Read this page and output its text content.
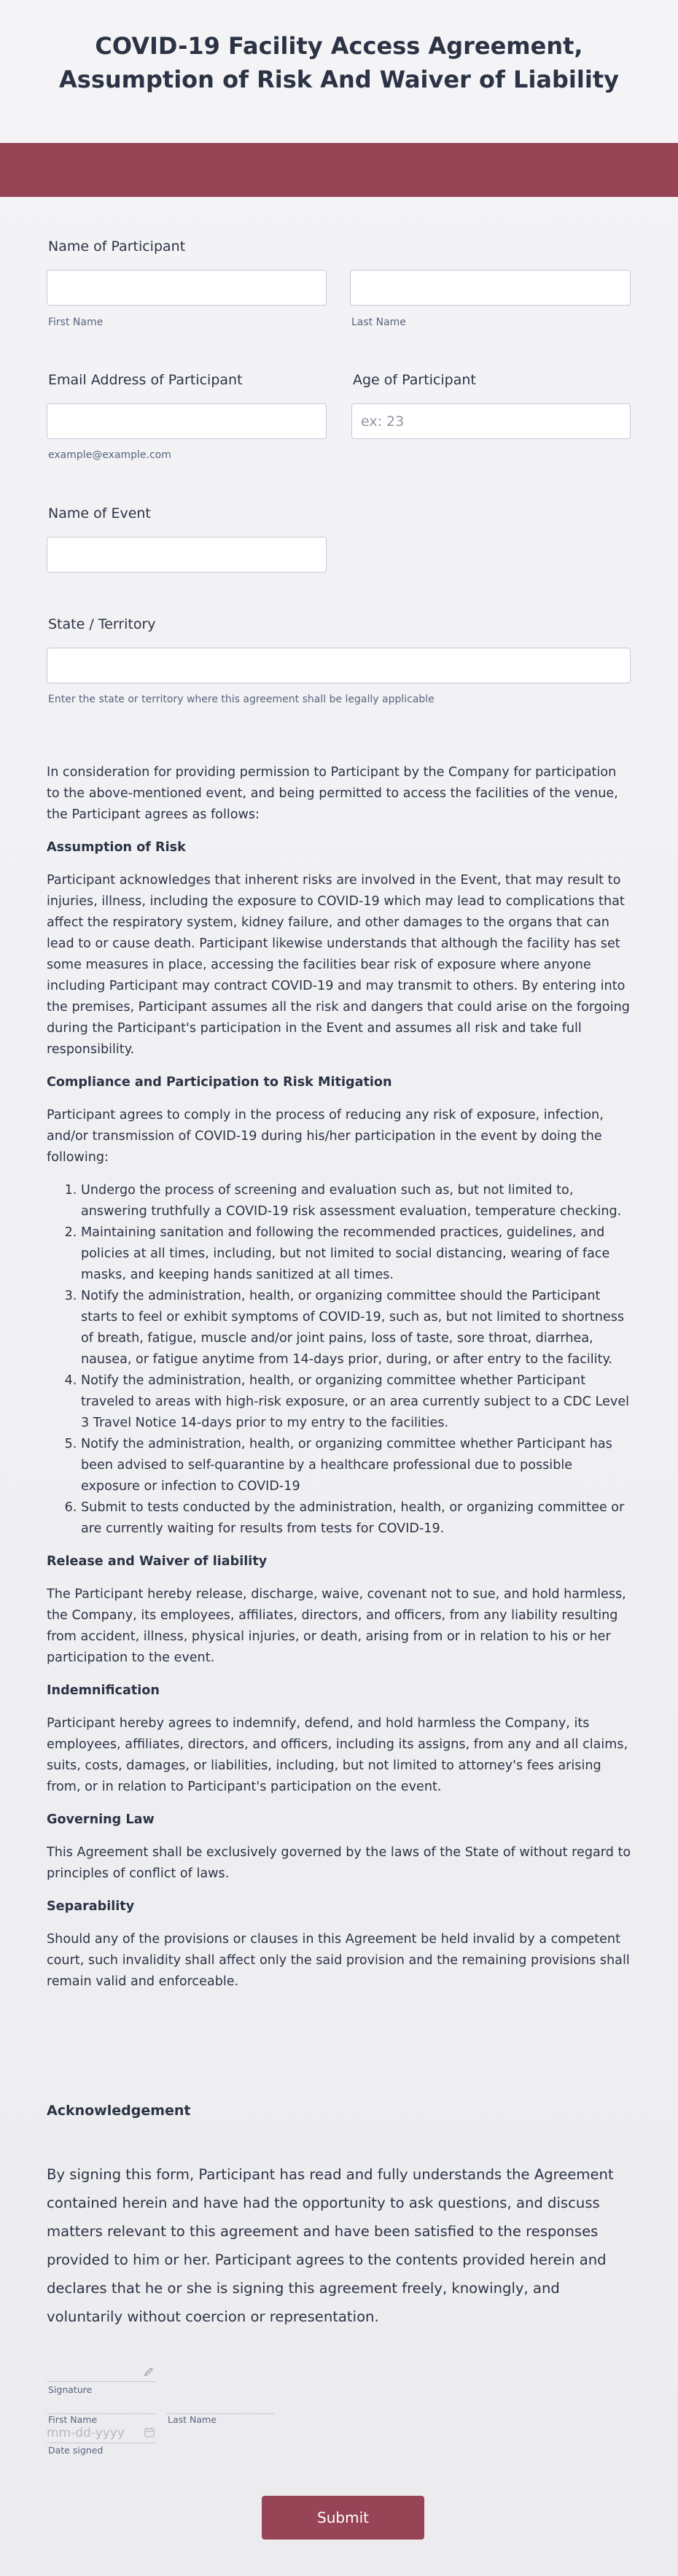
COVID-19 Facility Access Agreement, Assumption of Risk And Waiver of Liability
Name of Participant
First Name	Last Name
Email Address of Participant
example@example.com
Age of Participant
ex: 23
Name of Event
State / Territory
Enter the state or territory where this agreement shall be legally applicable

In consideration for providing permission to Participant by the Company for participation to the above-mentioned event, and being permitted to access the facilities of the venue, the Participant agrees as follows:

Assumption of Risk

Participant acknowledges that inherent risks are involved in the Event, that may result to injuries, illness, including the exposure to COVID-19 which may lead to complications that affect the respiratory system, kidney failure, and other damages to the organs that can lead to or cause death. Participant likewise understands that although the facility has set some measures in place, accessing the facilities bear risk of exposure where anyone including Participant may contract COVID-19 and may transmit to others. By entering into the premises, Participant assumes all the risk and dangers that could arise on the forgoing during the Participant's participation in the Event and assumes all risk and take full responsibility.

Compliance and Participation to Risk Mitigation

Participant agrees to comply in the process of reducing any risk of exposure, infection, and/or transmission of COVID-19 during his/her participation in the event by doing the following:

1. Undergo the process of screening and evaluation such as, but not limited to, answering truthfully a COVID-19 risk assessment evaluation, temperature checking.
2. Maintaining sanitation and following the recommended practices, guidelines, and policies at all times, including, but not limited to social distancing, wearing of face masks, and keeping hands sanitized at all times.
3. Notify the administration, health, or organizing committee should the Participant starts to feel or exhibit symptoms of COVID-19, such as, but not limited to shortness of breath, fatigue, muscle and/or joint pains, loss of taste, sore throat, diarrhea, nausea, or fatigue anytime from 14-days prior, during, or after entry to the facility.
4. Notify the administration, health, or organizing committee whether Participant traveled to areas with high-risk exposure, or an area currently subject to a CDC Level 3 Travel Notice 14-days prior to my entry to the facilities.
5. Notify the administration, health, or organizing committee whether Participant has been advised to self-quarantine by a healthcare professional due to possible exposure or infection to COVID-19
6. Submit to tests conducted by the administration, health, or organizing committee or are currently waiting for results from tests for COVID-19.
Release and Waiver of liability

The Participant hereby release, discharge, waive, covenant not to sue, and hold harmless, the Company, its employees, affiliates, directors, and officers, from any liability resulting from accident, illness, physical injuries, or death, arising from or in relation to his or her participation to the event.

Indemnification

Participant hereby agrees to indemnify, defend, and hold harmless the Company, its employees, affiliates, directors, and officers, including its assigns, from any and all claims, suits, costs, damages, or liabilities, including, but not limited to attorney's fees arising from, or in relation to Participant's participation on the event.

Governing Law

This Agreement shall be exclusively governed by the laws of the State of without regard to principles of conflict of laws.

Separability

Should any of the provisions or clauses in this Agreement be held invalid by a competent court, such invalidity shall affect only the said provision and the remaining provisions shall remain valid and enforceable.

Acknowledgement
By signing this form, Participant has read and fully understands the Agreement contained herein and have had the opportunity to ask questions, and discuss matters relevant to this agreement and have been satisfied to the responses provided to him or her. Participant agrees to the contents provided herein and declares that he or she is signing this agreement freely, knowingly, and voluntarily without coercion or representation.
Signature
First Name	Last Name
mm-dd-yyyy
Date signed
Submit
